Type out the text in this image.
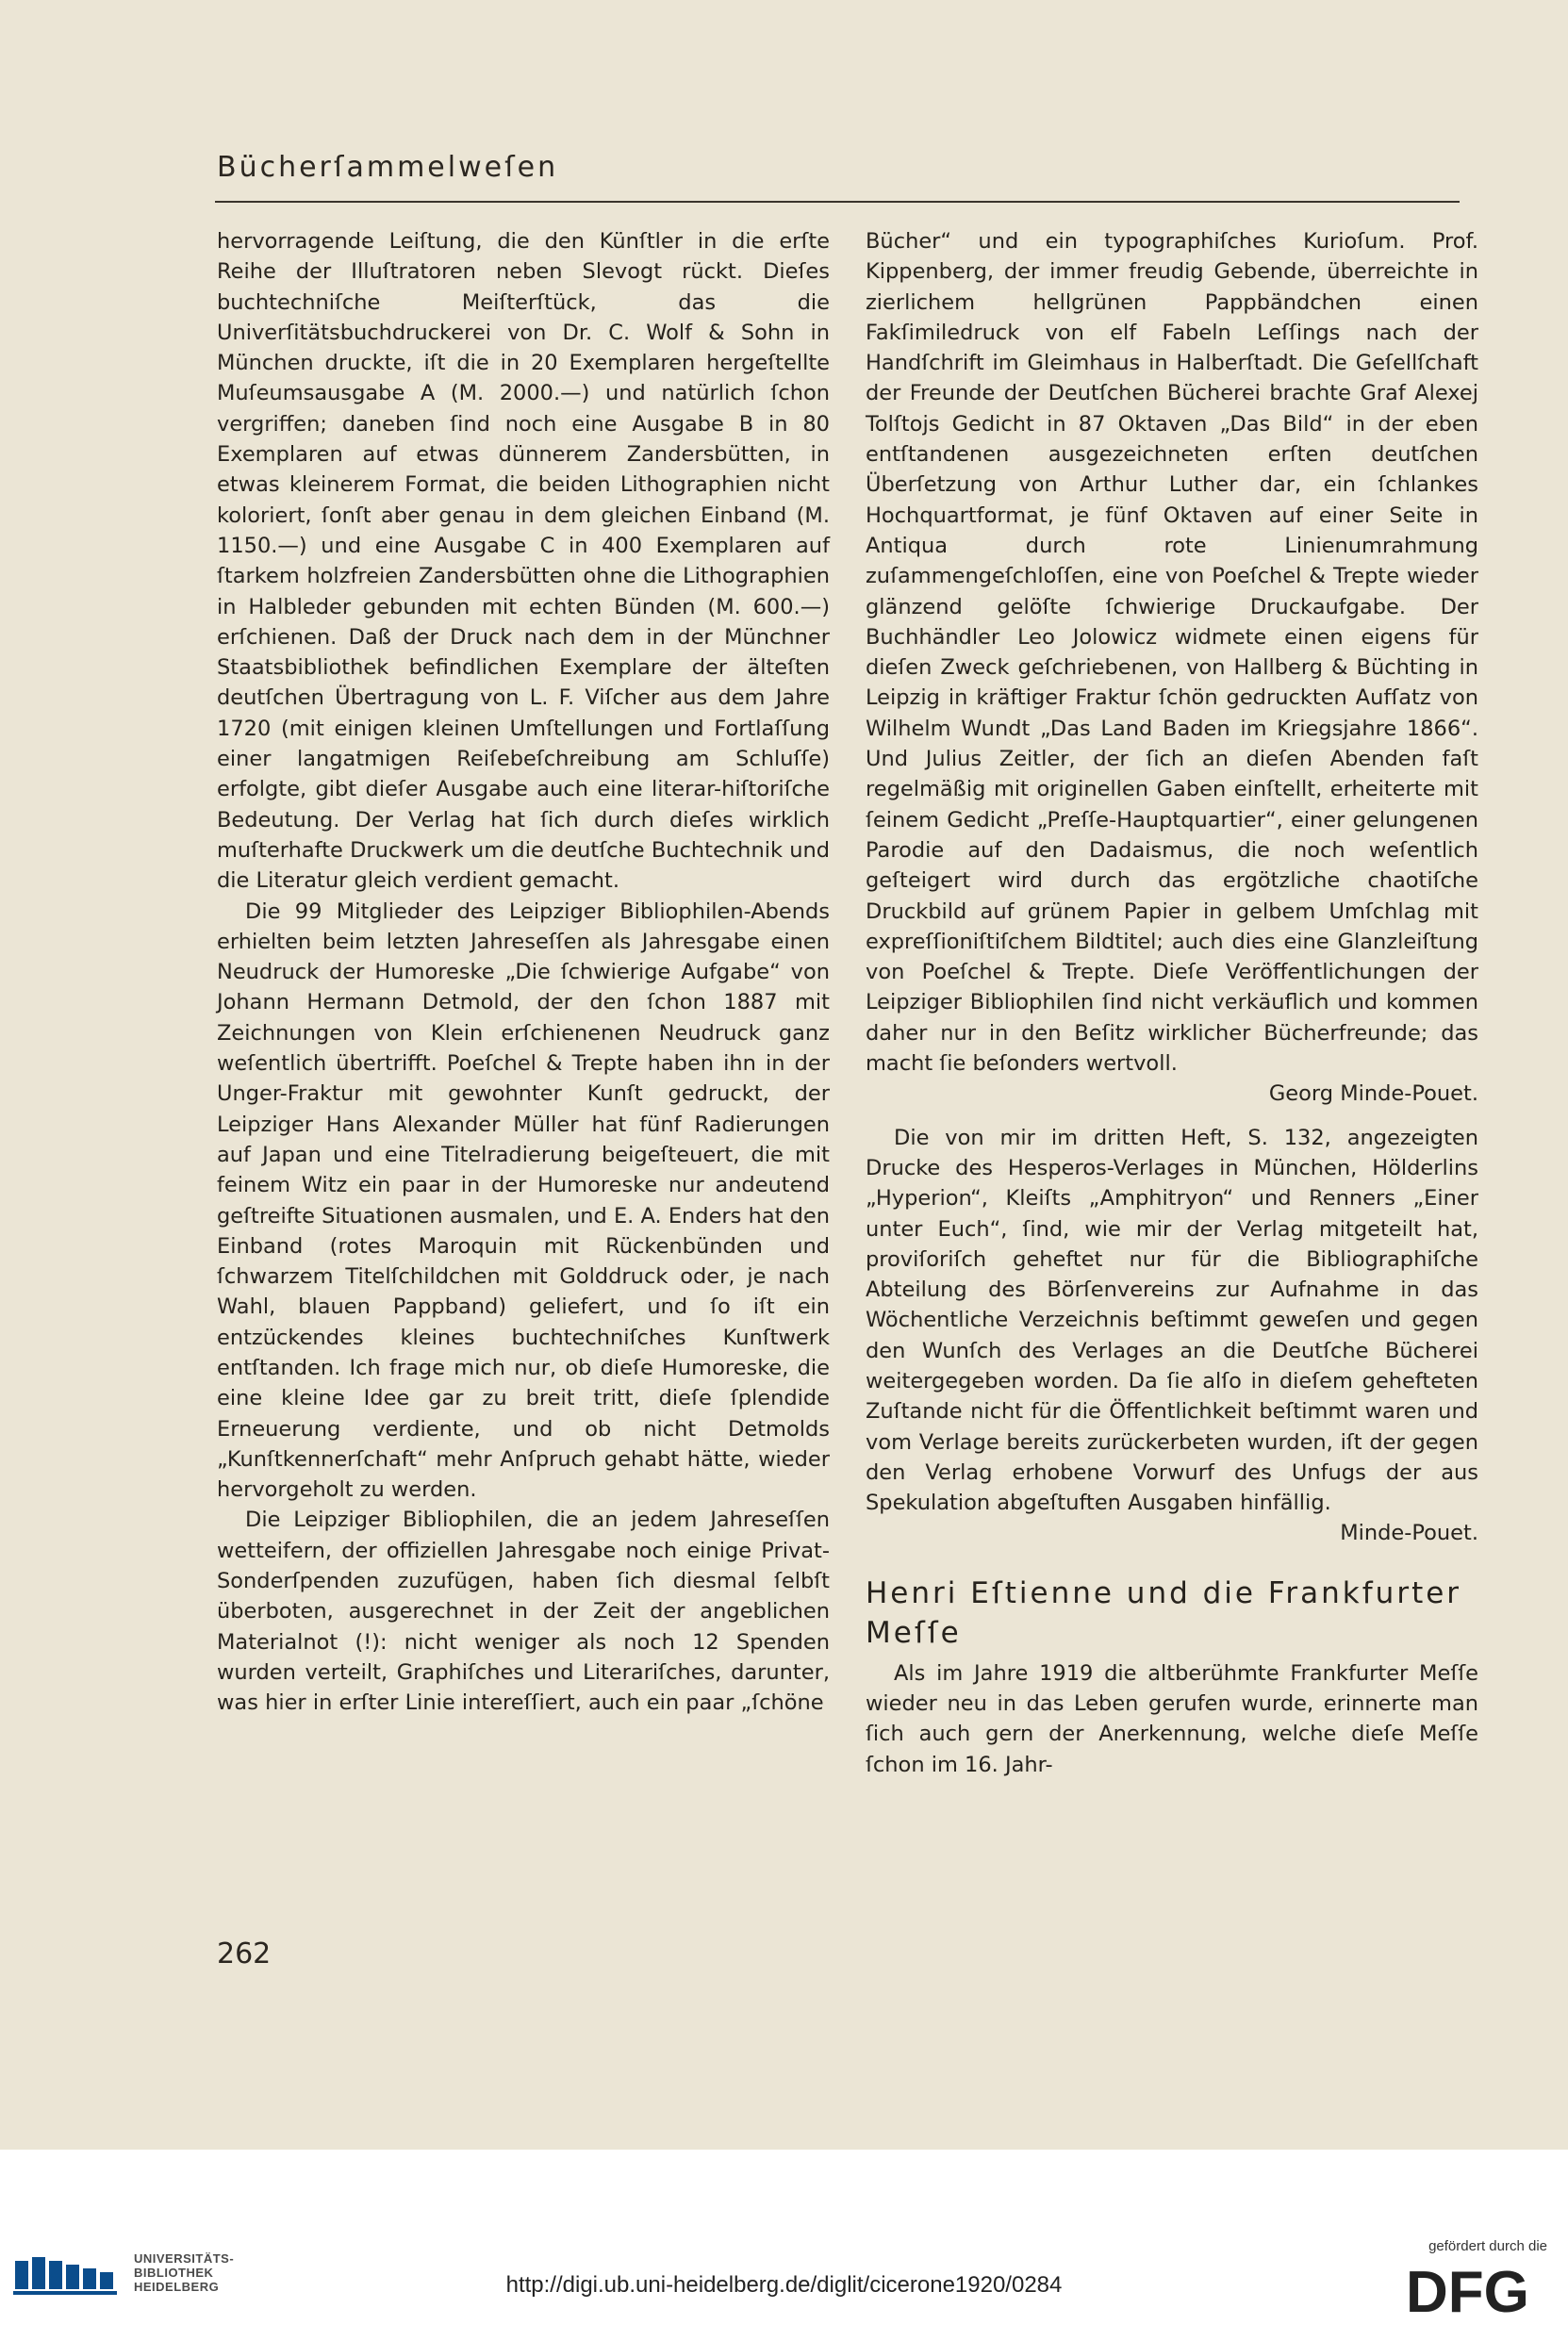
Bücherſammelweſen

hervorragende Leiſtung, die den Künſtler in die erſte Reihe der Illuſtratoren neben Slevogt rückt. Dieſes buchtechniſche Meiſterſtück, das die Univerſitätsbuchdruckerei von Dr. C. Wolf & Sohn in München druckte, iſt die in 20 Exemplaren hergeſtellte Muſeumsausgabe A (M. 2000.—) und natürlich ſchon vergriffen; daneben ſind noch eine Ausgabe B in 80 Exemplaren auf etwas dünnerem Zandersbütten, in etwas kleinerem Format, die beiden Lithographien nicht koloriert, ſonſt aber genau in dem gleichen Einband (M. 1150.—) und eine Ausgabe C in 400 Exemplaren auf ſtarkem holzfreien Zandersbütten ohne die Lithographien in Halbleder gebunden mit echten Bünden (M. 600.—) erſchienen. Daß der Druck nach dem in der Münchner Staatsbibliothek befindlichen Exemplare der älteſten deutſchen Übertragung von L. F. Viſcher aus dem Jahre 1720 (mit einigen kleinen Umſtellungen und Fortlaſſung einer langatmigen Reiſebeſchreibung am Schluſſe) erfolgte, gibt dieſer Ausgabe auch eine literar-hiſtoriſche Bedeutung. Der Verlag hat ſich durch dieſes wirklich muſterhafte Druckwerk um die deutſche Buchtechnik und die Literatur gleich verdient gemacht.

Die 99 Mitglieder des Leipziger Bibliophilen-Abends erhielten beim letzten Jahreseſſen als Jahresgabe einen Neudruck der Humoreske „Die ſchwierige Aufgabe“ von Johann Hermann Detmold, der den ſchon 1887 mit Zeichnungen von Klein erſchienenen Neudruck ganz weſentlich übertrifft. Poeſchel & Trepte haben ihn in der Unger-Fraktur mit gewohnter Kunſt gedruckt, der Leipziger Hans Alexander Müller hat fünf Radierungen auf Japan und eine Titelradierung beigeſteuert, die mit feinem Witz ein paar in der Humoreske nur andeutend geſtreifte Situationen ausmalen, und E. A. Enders hat den Einband (rotes Maroquin mit Rückenbünden und ſchwarzem Titelſchildchen mit Golddruck oder, je nach Wahl, blauen Pappband) geliefert, und ſo iſt ein entzückendes kleines buchtechniſches Kunſtwerk entſtanden. Ich frage mich nur, ob dieſe Humoreske, die eine kleine Idee gar zu breit tritt, dieſe ſplendide Erneuerung verdiente, und ob nicht Detmolds „Kunſtkennerſchaft“ mehr Anſpruch gehabt hätte, wieder hervorgeholt zu werden.

Die Leipziger Bibliophilen, die an jedem Jahreseſſen wetteifern, der offiziellen Jahresgabe noch einige Privat-Sonderſpenden zuzufügen, haben ſich diesmal ſelbſt überboten, ausgerechnet in der Zeit der angeblichen Materialnot (!): nicht weniger als noch 12 Spenden wurden verteilt, Graphiſches und Literariſches, darunter, was hier in erſter Linie intereſſiert, auch ein paar „ſchöne

Bücher“ und ein typographiſches Kurioſum. Prof. Kippenberg, der immer freudig Gebende, überreichte in zierlichem hellgrünen Pappbändchen einen Fakſimiledruck von elf Fabeln Leſſings nach der Handſchrift im Gleimhaus in Halberſtadt. Die Geſellſchaft der Freunde der Deutſchen Bücherei brachte Graf Alexej Tolſtojs Gedicht in 87 Oktaven „Das Bild“ in der eben entſtandenen ausgezeichneten erſten deutſchen Überſetzung von Arthur Luther dar, ein ſchlankes Hochquartformat, je fünf Oktaven auf einer Seite in Antiqua durch rote Linienumrahmung zuſammengeſchloſſen, eine von Poeſchel & Trepte wieder glänzend gelöſte ſchwierige Druckaufgabe. Der Buchhändler Leo Jolowicz widmete einen eigens für dieſen Zweck geſchriebenen, von Hallberg & Büchting in Leipzig in kräftiger Fraktur ſchön gedruckten Aufſatz von Wilhelm Wundt „Das Land Baden im Kriegsjahre 1866“. Und Julius Zeitler, der ſich an dieſen Abenden faſt regelmäßig mit originellen Gaben einſtellt, erheiterte mit ſeinem Gedicht „Preſſe-Hauptquartier“, einer gelungenen Parodie auf den Dadaismus, die noch weſentlich geſteigert wird durch das ergötzliche chaotiſche Druckbild auf grünem Papier in gelbem Umſchlag mit expreſſioniſtiſchem Bildtitel; auch dies eine Glanzleiſtung von Poeſchel & Trepte. Dieſe Veröffentlichungen der Leipziger Bibliophilen ſind nicht verkäuflich und kommen daher nur in den Beſitz wirklicher Bücherfreunde; das macht ſie beſonders wertvoll.

Georg Minde-Pouet.

Die von mir im dritten Heft, S. 132, angezeigten Drucke des Hesperos-Verlages in München, Hölderlins „Hyperion“, Kleiſts „Amphitryon“ und Renners „Einer unter Euch“, ſind, wie mir der Verlag mitgeteilt hat, proviſoriſch geheftet nur für die Bibliographiſche Abteilung des Börſenvereins zur Aufnahme in das Wöchentliche Verzeichnis beſtimmt geweſen und gegen den Wunſch des Verlages an die Deutſche Bücherei weitergegeben worden. Da ſie alſo in dieſem gehefteten Zuſtande nicht für die Öffentlichkeit beſtimmt waren und vom Verlage bereits zurückerbeten wurden, iſt der gegen den Verlag erhobene Vorwurf des Unfugs der aus Spekulation abgeſtuften Ausgaben hinfällig.

Minde-Pouet.

Henri Eſtienne und die Frankfurter Meſſe

Als im Jahre 1919 die altberühmte Frankfurter Meſſe wieder neu in das Leben gerufen wurde, erinnerte man ſich auch gern der Anerkennung, welche dieſe Meſſe ſchon im 16. Jahr-

262
UNIVERSITÄTS-
BIBLIOTHEK
HEIDELBERG	http://digi.ub.uni-heidelberg.de/diglit/cicerone1920/0284
gefördert durch die
DFG
